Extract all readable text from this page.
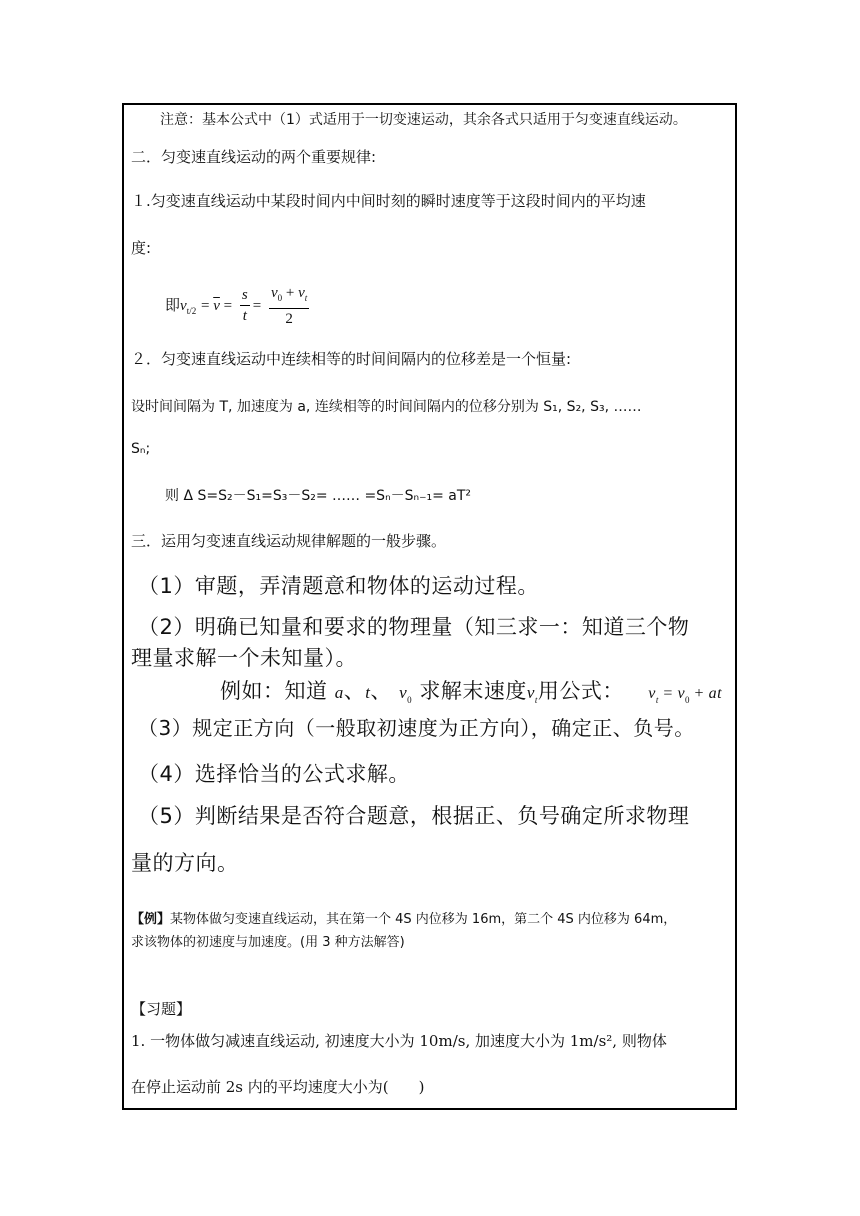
注意：基本公式中（1）式适用于一切变速运动，其余各式只适用于匀变速直线运动。
二．匀变速直线运动的两个重要规律:
１.匀变速直线运动中某段时间内中间时刻的瞬时速度等于这段时间内的平均速
度:
即$v_{t/2} = \overline{v} = \frac{s}{t} = \frac{v_0 + v_t}{2}$
２．匀变速直线运动中连续相等的时间间隔内的位移差是一个恒量:
设时间间隔为 T, 加速度为 a, 连续相等的时间间隔内的位移分别为 S₁, S₂, S₃, ……
Sₙ;
则 Δ S=S₂－S₁=S₃－S₂= …… =Sₙ－Sₙ₋₁= aT²
三．运用匀变速直线运动规律解题的一般步骤。
（1）审题，弄清题意和物体的运动过程。
（2）明确已知量和要求的物理量（知三求一：知道三个物
理量求解一个未知量）。
例如：知道 a、t、 $v_0$ 求解末速度$v_t$用公式： $v_t = v_0$ + at
（3）规定正方向（一般取初速度为正方向），确定正、负号。
（4）选择恰当的公式求解。
（5）判断结果是否符合题意，根据正、负号确定所求物理
量的方向。
【例】某物体做匀变速直线运动，其在第一个 4S 内位移为 16m，第二个 4S 内位移为 64m，
求该物体的初速度与加速度。(用 3 种方法解答)
【习题】
1. 一物体做匀减速直线运动, 初速度大小为 10m/s, 加速度大小为 1m/s², 则物体
在停止运动前 2s 内的平均速度大小为(　　)
